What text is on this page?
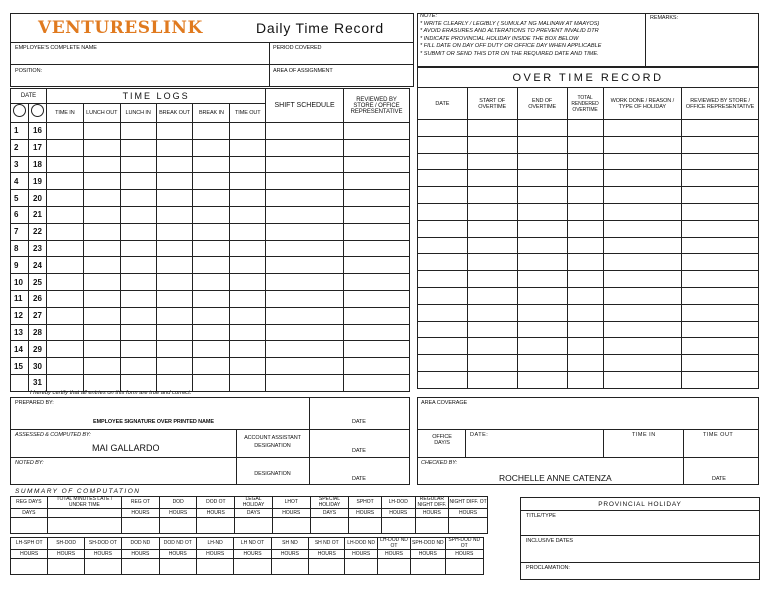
VENTURESLINK	Daily Time Record
EMPLOYEE'S COMPLETE NAME	PERIOD COVERED
POSITION:	AREA OF ASSIGNMENT
NOTE:
* WRITE CLEARLY / LEGIBLY ( SUMULAT NG MALINAW AT MAAYOS)
* AVOID ERASURES AND ALTERATIONS TO PREVENT INVALID DTR
* INDICATE PROVINCIAL HOLIDAY INSIDE THE BOX BELOW
* FILL DATE ON DAY OFF DUTY OR OFFICE DAY WHEN APPLICABLE
* SUBMIT OR SEND THIS DTR ON THE REQUIRED DATE AND TIME.
REMARKS:
DATE		TIME LOGS						SHIFT SCHEDULE	REVIEWED BY STORE / OFFICE REPRESENTATIVE
		TIME IN	LUNCH OUT	LUNCH IN	BREAK OUT	BREAK IN	TIME OUT		
1	16								
2	17								
3	18								
4	19								
5	20								
6	21								
7	22								
8	23								
9	24								
10	25								
11	26								
12	27								
13	28								
14	29								
15	30								
	31								
OVER TIME RECORD					
DATE	START OF OVERTIME	END OF OVERTIME	TOTAL RENDERED OVERTIME	WORK DONE / REASON / TYPE OF HOLIDAY	REVIEWED BY STORE / OFFICE REPRESENTATIVE

I hereby certify that all entries on this form are true and correct.
PREPARED BY:
EMPLOYEE SIGNATURE OVER PRINTED NAME	DATE
ASSESSED & COMPUTED BY:
MAI GALLARDO
ACCOUNT ASSISTANT
DESIGNATION
DATE
NOTED BY:
DESIGNATION
DATE
AREA COVERAGE
OFFICE DAY/S
DATE:	TIME IN	TIME OUT
CHECKED BY:
ROCHELLE ANNE CATENZA	DATE
SUMMARY OF COMPUTATION
REG DAYS	TOTAL MINUTES LATE / UNDER TIME	REG OT	DOD	DOD OT	LEGAL HOLIDAY	LHOT	SPECIAL HOLIDAY	SPHOT	LH-DOD	REGULAR NIGHT DIFF.	NIGHT DIFF. OT
DAYS		HOURS	HOURS	HOURS	DAYS	HOURS	DAYS	HOURS	HOURS	HOURS	HOURS

LH-SPH OT	SH-DOD	SH-DOD OT	DOD ND	DOD ND OT	LH-ND	LH ND OT	SH ND	SH ND OT	LH-DOD ND	LH-DOD ND OT	SPH-DOD ND	SPH-DOD ND OT
HOURS	HOURS	HOURS	HOURS	HOURS	HOURS	HOURS	HOURS	HOURS	HOURS	HOURS	HOURS	HOURS

PROVINCIAL HOLIDAY
TITLE/TYPE
INCLUSIVE DATES
PROCLAMATION:
